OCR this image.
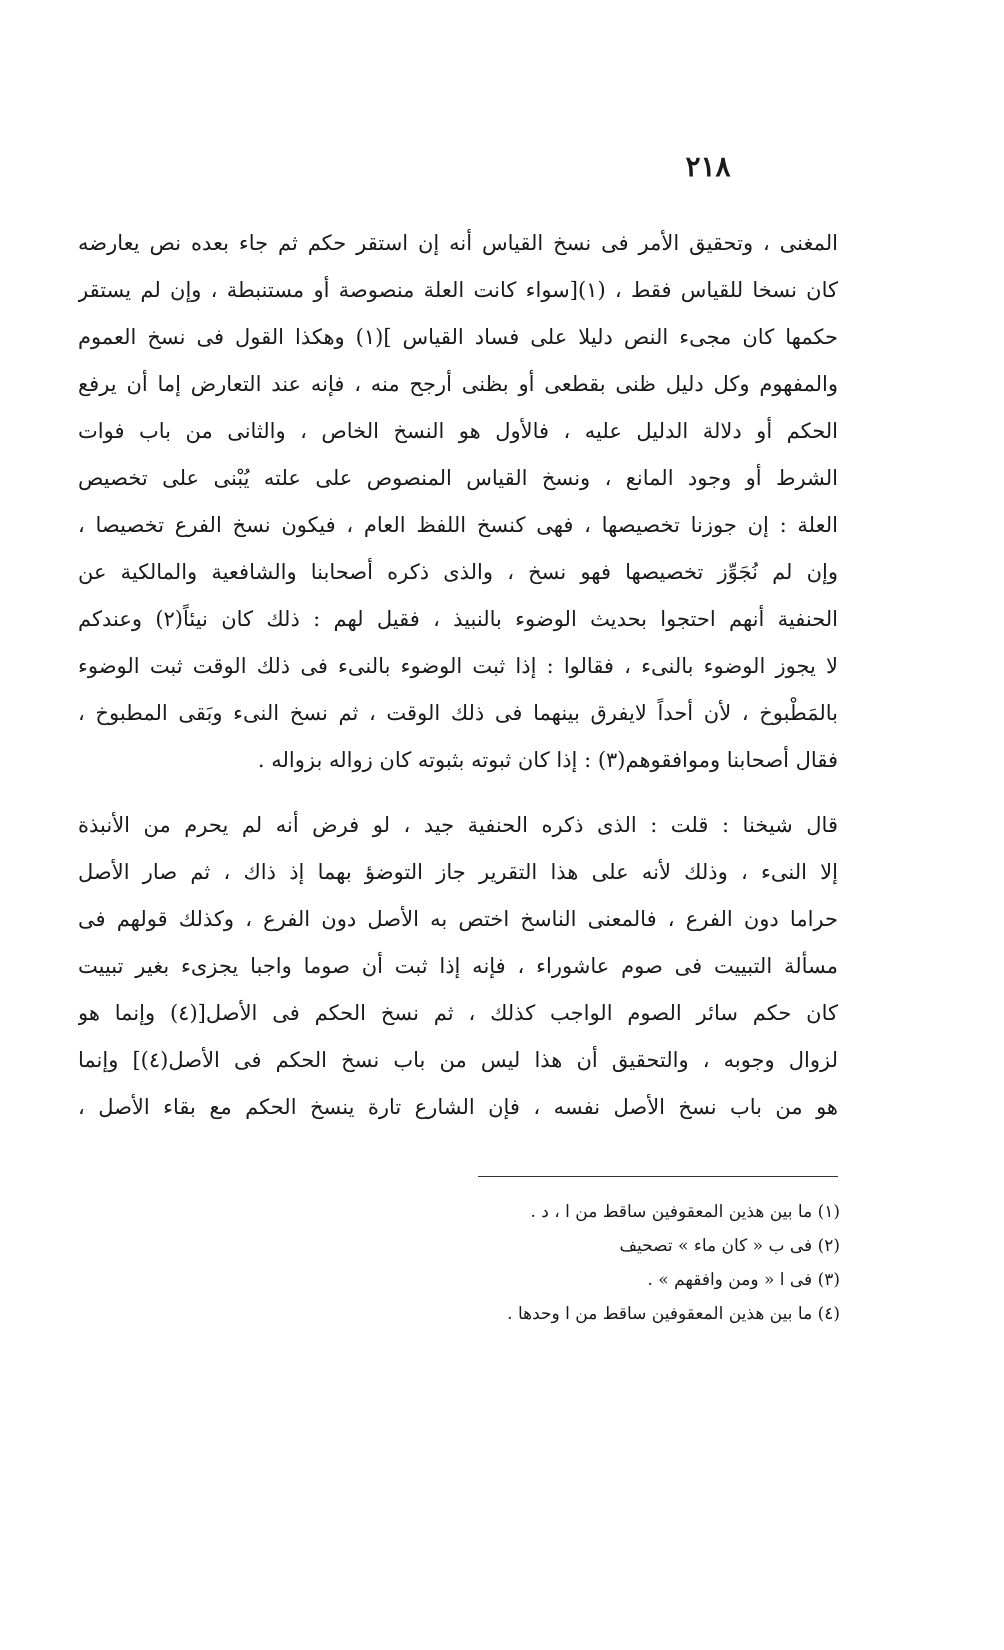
٢١٨
المغنى ، وتحقيق الأمر فى نسخ القياس أنه إن استقر حكم ثم جاء بعده نص يعارضه
كان نسخا للقياس فقط ، (١)[سواء كانت العلة منصوصة أو مستنبطة ، وإن لم يستقر
حكمها كان مجىء النص دليلا على فساد القياس ](١) وهكذا القول فى نسخ العموم
والمفهوم وكل دليل ظنى بقطعى أو بظنى أرجح منه ، فإنه عند التعارض إما أن يرفع
الحكم أو دلالة الدليل عليه ، فالأول هو النسخ الخاص ، والثانى من باب فوات
الشرط أو وجود المانع ، ونسخ القياس المنصوص على علته يُبْنى على تخصيص
العلة : إن جوزنا تخصيصها ، فهى كنسخ اللفظ العام ، فيكون نسخ الفرع تخصيصا ،
وإن لم نُجَوِّز تخصيصها فهو نسخ ، والذى ذكره أصحابنا والشافعية والمالكية عن
الحنفية أنهم احتجوا بحديث الوضوء بالنبيذ ، فقيل لهم : ذلك كان نيئاً(٢) وعندكم
لا يجوز الوضوء بالنىء ، فقالوا : إذا ثبت الوضوء بالنىء فى ذلك الوقت ثبت الوضوء
بالمَطْبوخ ، لأن أحداً لايفرق بينهما فى ذلك الوقت ، ثم نسخ النىء وبَقى المطبوخ ،
فقال أصحابنا وموافقوهم(٣) : إذا كان ثبوته بثبوته كان زواله بزواله .
قال شيخنا : قلت : الذى ذكره الحنفية جيد ، لو فرض أنه لم يحرم من الأنبذة
إلا النىء ، وذلك لأنه على هذا التقرير جاز التوضؤ بهما إذ ذاك ، ثم صار الأصل
حراما دون الفرع ، فالمعنى الناسخ اختص به الأصل دون الفرع ، وكذلك قولهم فى
مسألة التبييت فى صوم عاشوراء ، فإنه إذا ثبت أن صوما واجبا يجزىء بغير تبييت
كان حكم سائر الصوم الواجب كذلك ، ثم نسخ الحكم فى الأصل[(٤) وإنما هو
لزوال وجوبه ، والتحقيق أن هذا ليس من باب نسخ الحكم فى الأصل(٤)] وإنما
هو من باب نسخ الأصل نفسه ، فإن الشارع تارة ينسخ الحكم مع بقاء الأصل ،
(١) ما بين هذين المعقوفين ساقط من ا ، د .
(٢) فى ب « كان ماء » تصحيف
(٣) فى ا « ومن وافقهم » .
(٤) ما بين هذين المعقوفين ساقط من ا وحدها .
